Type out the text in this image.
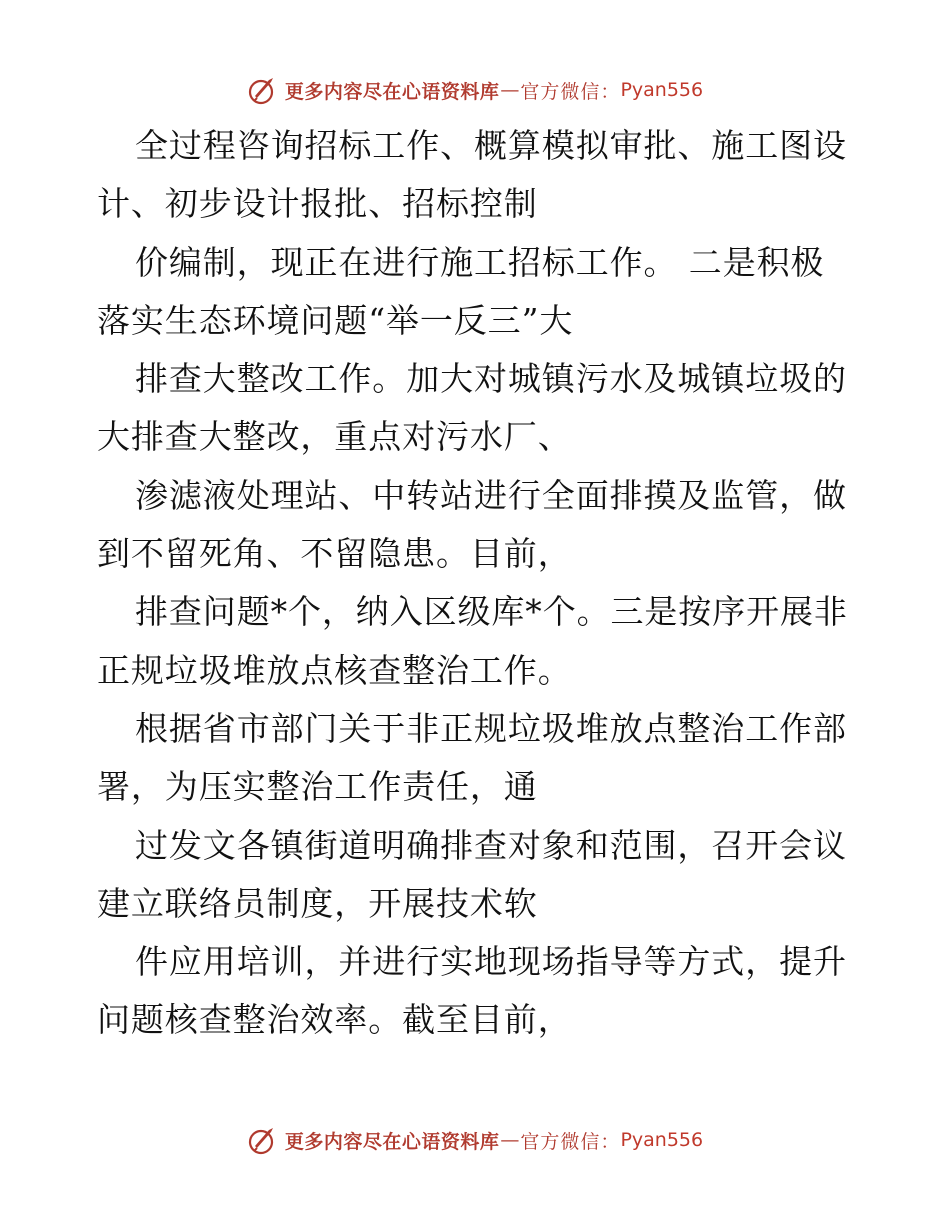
更多内容尽在心语资料库 — 官方微信： Pyan556
全过程咨询招标工作、概算模拟审批、施工图设
计、初步设计报批、招标控制
价编制，现正在进行施工招标工作。 二是积极
落实生态环境问题“举一反三”大
排查大整改工作。加大对城镇污水及城镇垃圾的
大排查大整改，重点对污水厂、
渗滤液处理站、中转站进行全面排摸及监管，做
到不留死角、不留隐患。目前，
排查问题*个，纳入区级库*个。三是按序开展非
正规垃圾堆放点核查整治工作。
根据省市部门关于非正规垃圾堆放点整治工作部
署，为压实整治工作责任，通
过发文各镇街道明确排查对象和范围，召开会议
建立联络员制度，开展技术软
件应用培训，并进行实地现场指导等方式，提升
问题核查整治效率。截至目前，
更多内容尽在心语资料库 — 官方微信： Pyan556
